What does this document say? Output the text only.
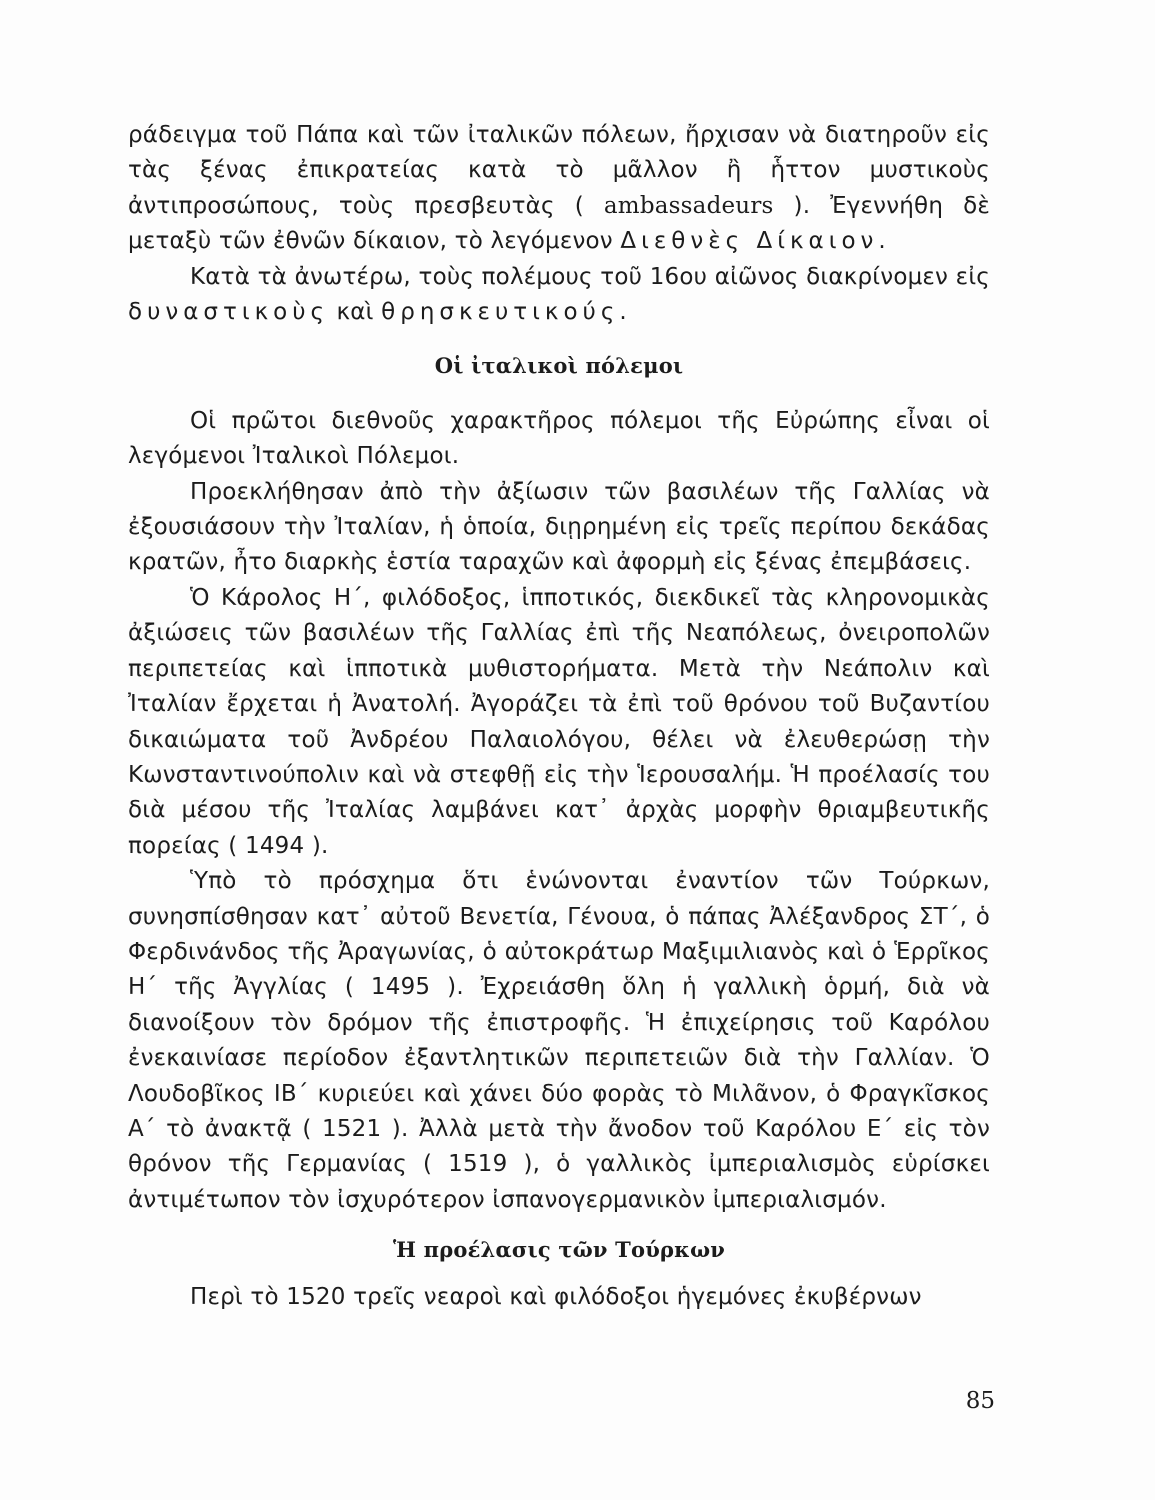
ράδειγμα τοῦ Πάπα καὶ τῶν ἰταλικῶν πόλεων, ἤρχισαν νὰ διατηροῦν εἰς τὰς ξένας ἐπικρατείας κατὰ τὸ μᾶλλον ἢ ἧττον μυστικοὺς ἀντιπροσώπους, τοὺς πρεσβευτὰς ( ambassadeurs ). Ἐγεννήθη δὲ μεταξὺ τῶν ἐθνῶν δίκαιον, τὸ λεγόμενον Διεθνὲς Δίκαιον.

Κατὰ τὰ ἀνωτέρω, τοὺς πολέμους τοῦ 16ου αἰῶνος διακρίνομεν εἰς δυναστικοὺς καὶ θρησκευτικούς.

Οἱ ἰταλικοὶ πόλεμοι

Οἱ πρῶτοι διεθνοῦς χαρακτῆρος πόλεμοι τῆς Εὐρώπης εἶναι οἱ λεγόμενοι Ἰταλικοὶ Πόλεμοι.

Προεκλήθησαν ἀπὸ τὴν ἀξίωσιν τῶν βασιλέων τῆς Γαλλίας νὰ ἐξουσιάσουν τὴν Ἰταλίαν, ἡ ὁποία, διῃρημένη εἰς τρεῖς περίπου δεκάδας κρατῶν, ἦτο διαρκὴς ἑστία ταραχῶν καὶ ἀφορμὴ εἰς ξένας ἐπεμβάσεις.

Ὁ Κάρολος Η΄, φιλόδοξος, ἱπποτικός, διεκδικεῖ τὰς κληρονομικὰς ἀξιώσεις τῶν βασιλέων τῆς Γαλλίας ἐπὶ τῆς Νεαπόλεως, ὀνειροπολῶν περιπετείας καὶ ἱπποτικὰ μυθιστορήματα. Μετὰ τὴν Νεάπολιν καὶ Ἰταλίαν ἔρχεται ἡ Ἀνατολή. Ἀγοράζει τὰ ἐπὶ τοῦ θρόνου τοῦ Βυζαντίου δικαιώματα τοῦ Ἀνδρέου Παλαιολόγου, θέλει νὰ ἐλευθερώσῃ τὴν Κωνσταντινούπολιν καὶ νὰ στεφθῇ εἰς τὴν Ἱερουσαλήμ. Ἡ προέλασίς του διὰ μέσου τῆς Ἰταλίας λαμβάνει κατ᾿ ἀρχὰς μορφὴν θριαμβευτικῆς πορείας ( 1494 ).

Ὑπὸ τὸ πρόσχημα ὅτι ἑνώνονται ἐναντίον τῶν Τούρκων, συνησπίσθησαν κατ᾿ αὐτοῦ Βενετία, Γένουα, ὁ πάπας Ἀλέξανδρος ΣΤ΄, ὁ Φερδινάνδος τῆς Ἀραγωνίας, ὁ αὐτοκράτωρ Μαξιμιλιανὸς καὶ ὁ Ἑρρῖκος Η΄ τῆς Ἀγγλίας ( 1495 ). Ἐχρειάσθη ὅλη ἡ γαλλικὴ ὁρμή, διὰ νὰ διανοίξουν τὸν δρόμον τῆς ἐπιστροφῆς. Ἡ ἐπιχείρησις τοῦ Καρόλου ἐνεκαινίασε περίοδον ἐξαντλητικῶν περιπετειῶν διὰ τὴν Γαλλίαν. Ὁ Λουδοβῖκος ΙΒ΄ κυριεύει καὶ χάνει δύο φορὰς τὸ Μιλᾶνον, ὁ Φραγκῖσκος Α΄ τὸ ἀνακτᾷ ( 1521 ). Ἀλλὰ μετὰ τὴν ἄνοδον τοῦ Καρόλου Ε΄ εἰς τὸν θρόνον τῆς Γερμανίας ( 1519 ), ὁ γαλλικὸς ἰμπεριαλισμὸς εὑρίσκει ἀντιμέτωπον τὸν ἰσχυρότερον ἰσπανογερμανικὸν ἰμπεριαλισμόν.

Ἡ προέλασις τῶν Τούρκων

Περὶ τὸ 1520 τρεῖς νεαροὶ καὶ φιλόδοξοι ἡγεμόνες ἐκυβέρνων

85
